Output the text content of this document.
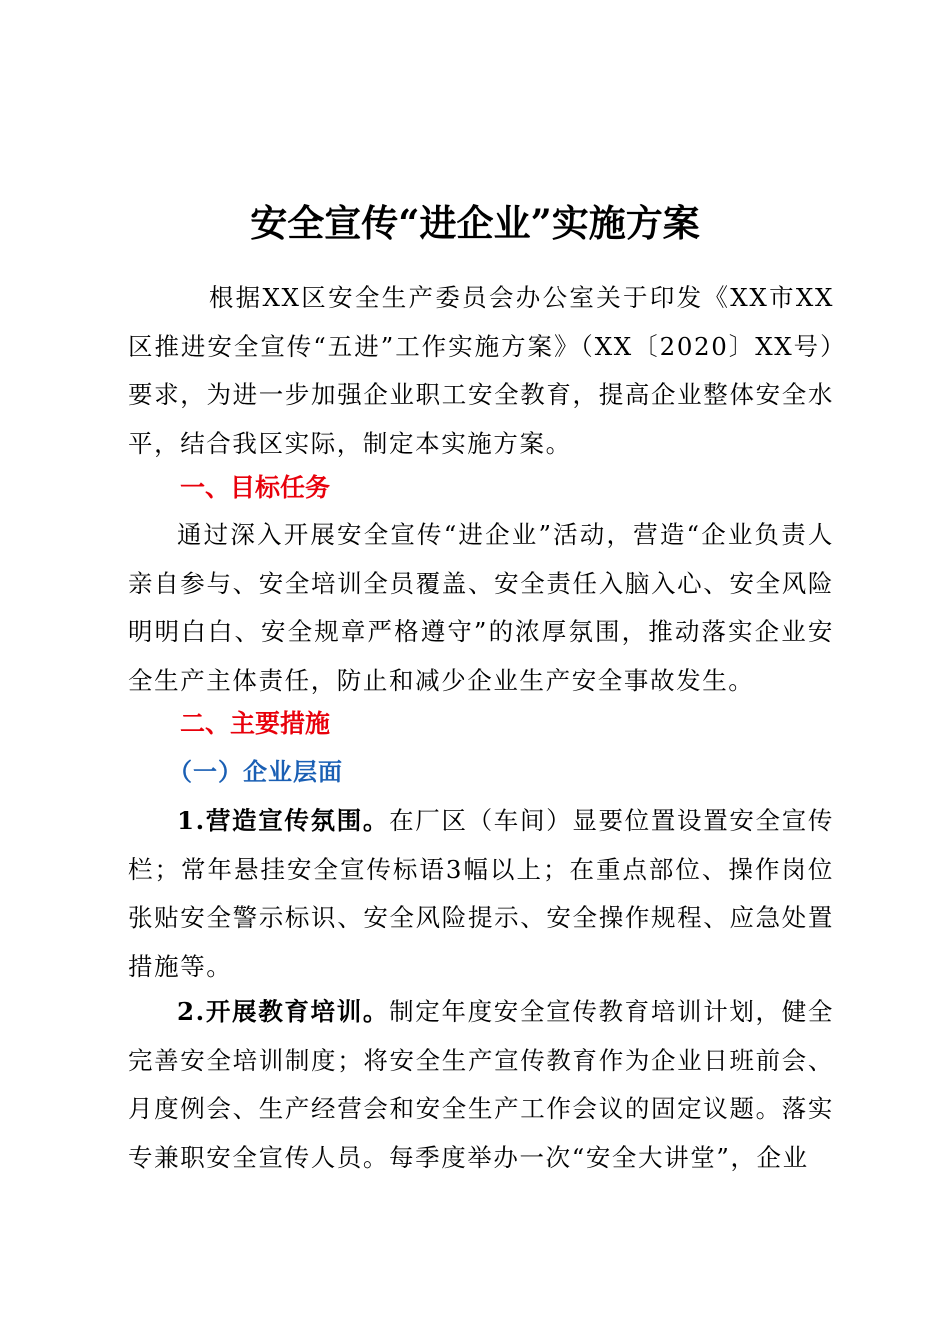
安全宣传“进企业”实施方案

根据XX区安全生产委员会办公室关于印发《XX市XX区推进安全宣传“五进”工作实施方案》（XX〔2020〕XX号）要求，为进一步加强企业职工安全教育，提高企业整体安全水平，结合我区实际，制定本实施方案。

一、目标任务

通过深入开展安全宣传“进企业”活动，营造“企业负责人亲自参与、安全培训全员覆盖、安全责任入脑入心、安全风险明明白白、安全规章严格遵守”的浓厚氛围，推动落实企业安全生产主体责任，防止和减少企业生产安全事故发生。

二、主要措施
（一）企业层面

1.营造宣传氛围。在厂区（车间）显要位置设置安全宣传栏；常年悬挂安全宣传标语3幅以上；在重点部位、操作岗位张贴安全警示标识、安全风险提示、安全操作规程、应急处置措施等。

2.开展教育培训。制定年度安全宣传教育培训计划，健全完善安全培训制度；将安全生产宣传教育作为企业日班前会、月度例会、生产经营会和安全生产工作会议的固定议题。落实专兼职安全宣传人员。每季度举办一次“安全大讲堂”，企业
